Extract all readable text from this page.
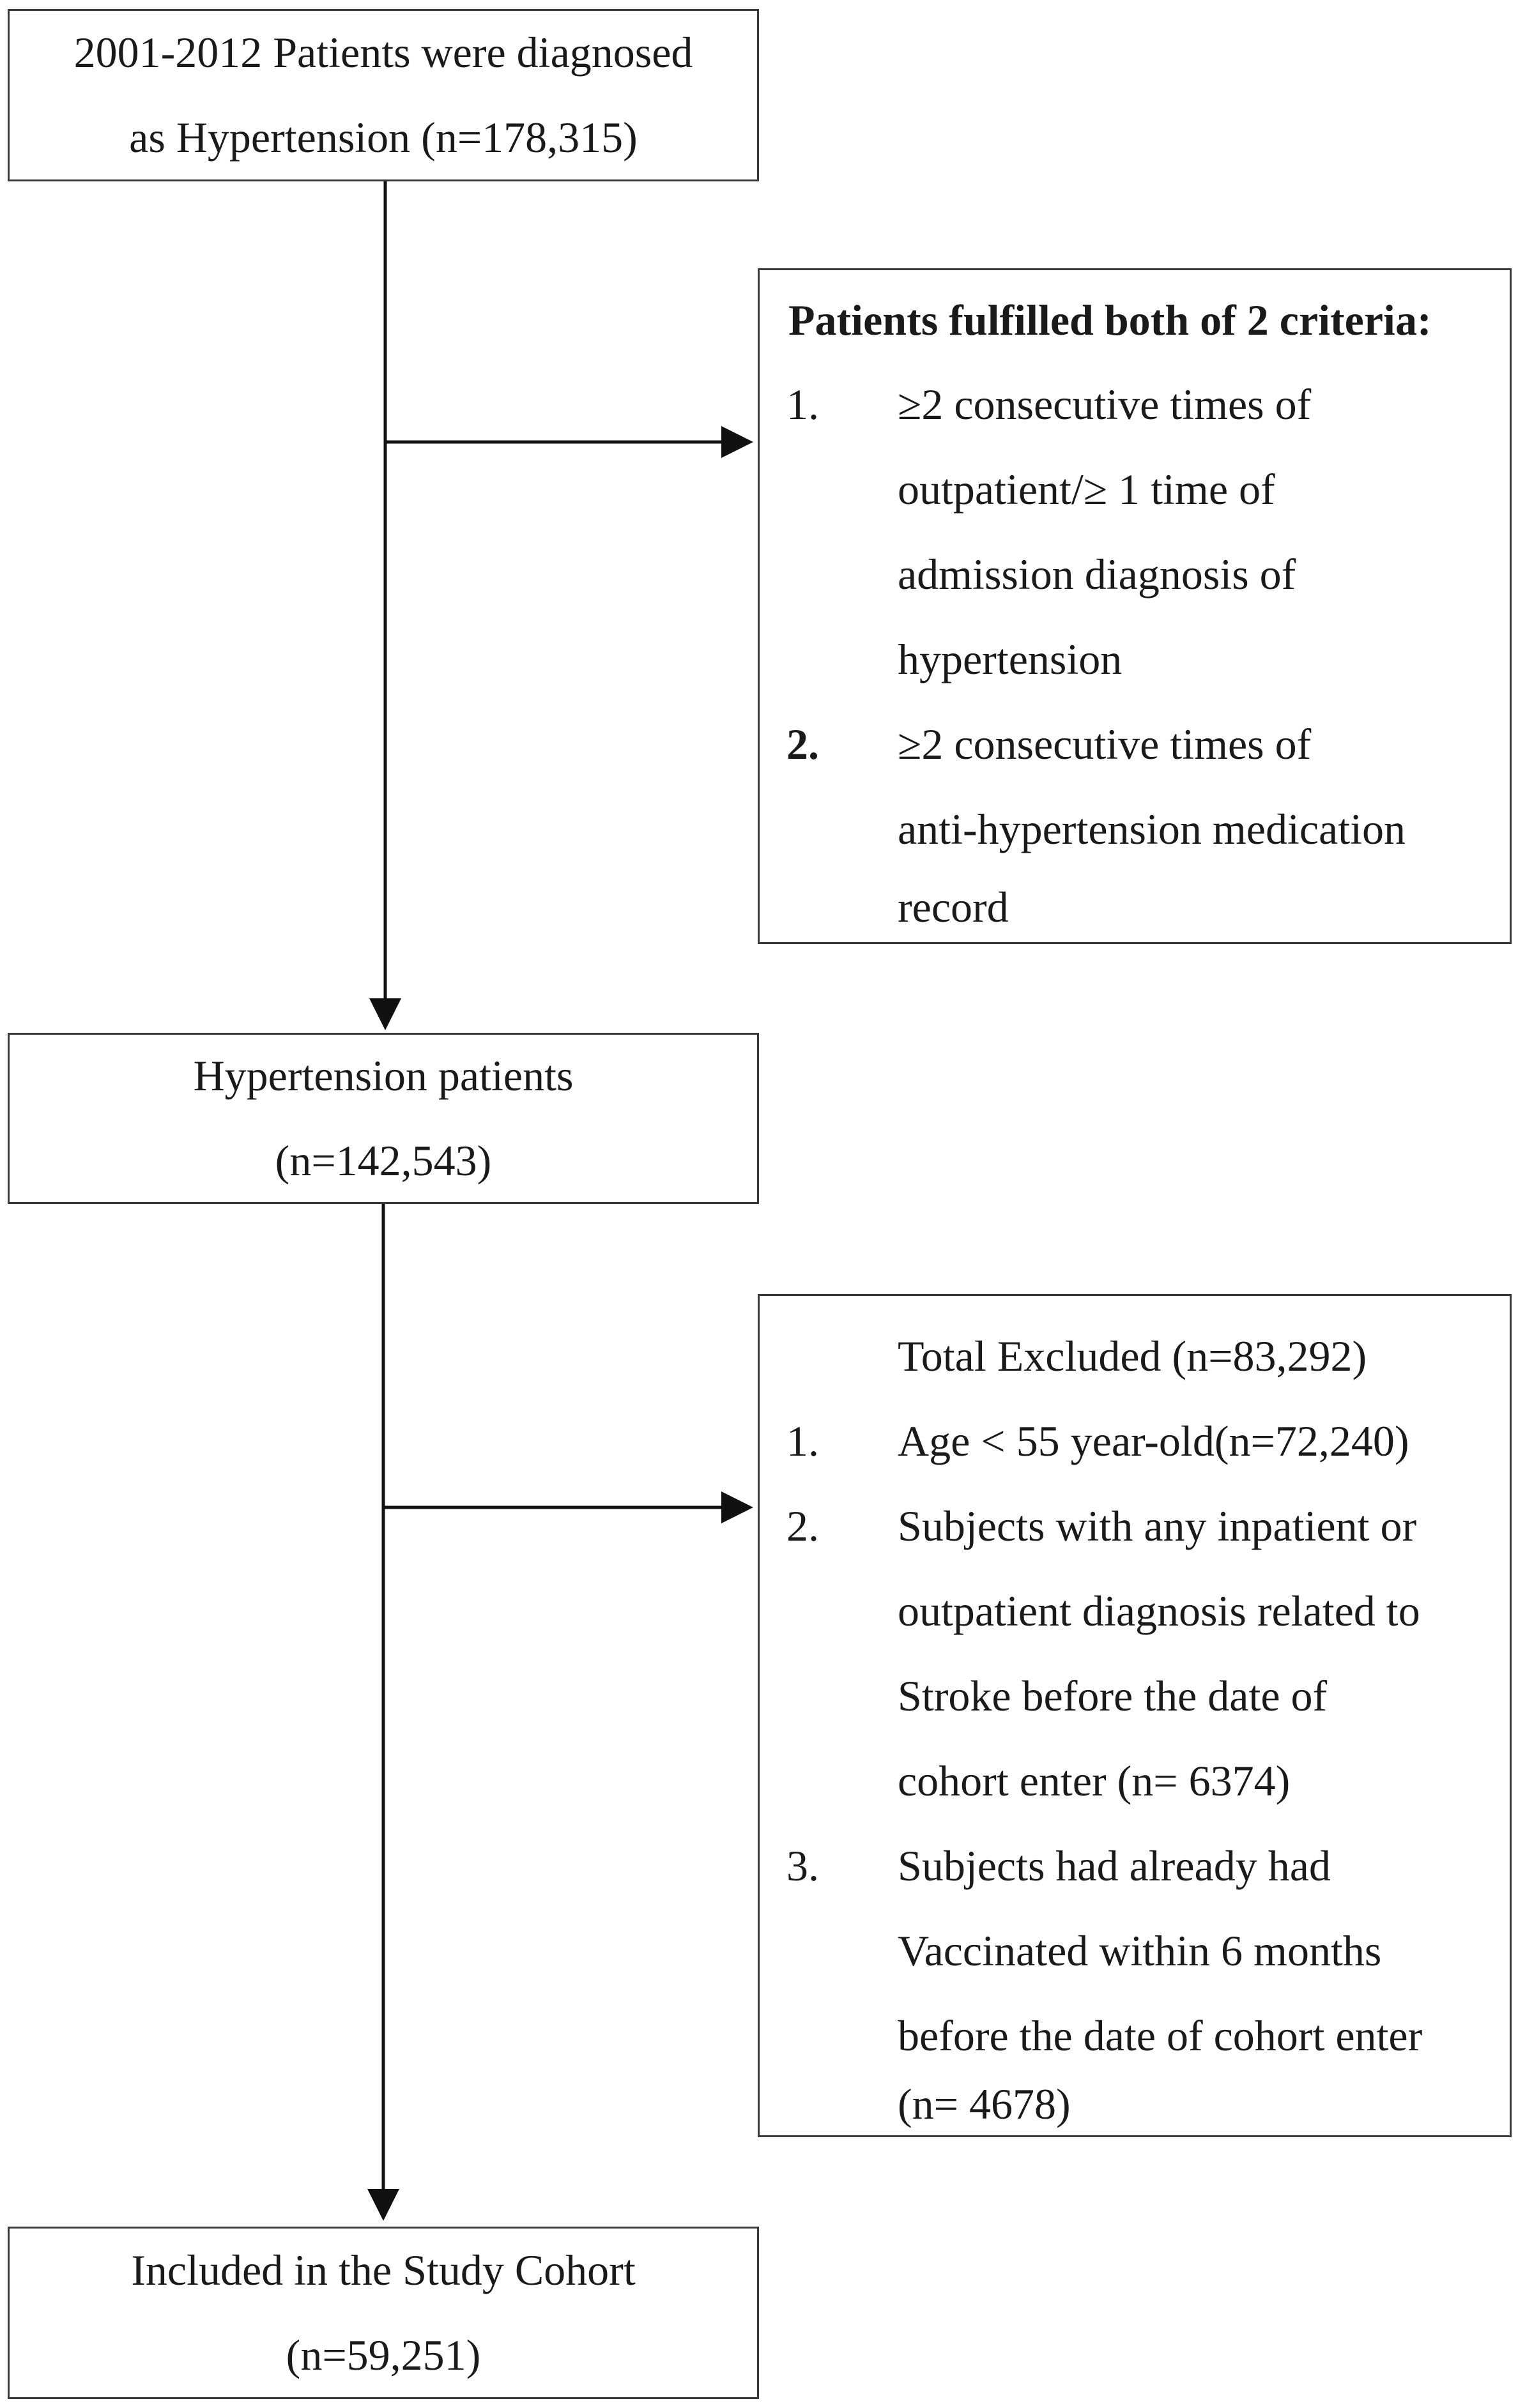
2001-2012 Patients were diagnosed
as Hypertension (n=178,315)
Patients fulfilled both of 2 criteria:
1. ≥2 consecutive times of
outpatient/≥ 1 time of
admission diagnosis of
hypertension
2. ≥2 consecutive times of
anti-hypertension medication
record
Hypertension patients
(n=142,543)
Total Excluded (n=83,292)
1. Age < 55 year-old(n=72,240)
2. Subjects with any inpatient or
outpatient diagnosis related to
Stroke before the date of
cohort enter (n= 6374)
3. Subjects had already had
Vaccinated within 6 months
before the date of cohort enter
(n= 4678)
Included in the Study Cohort
(n=59,251)
